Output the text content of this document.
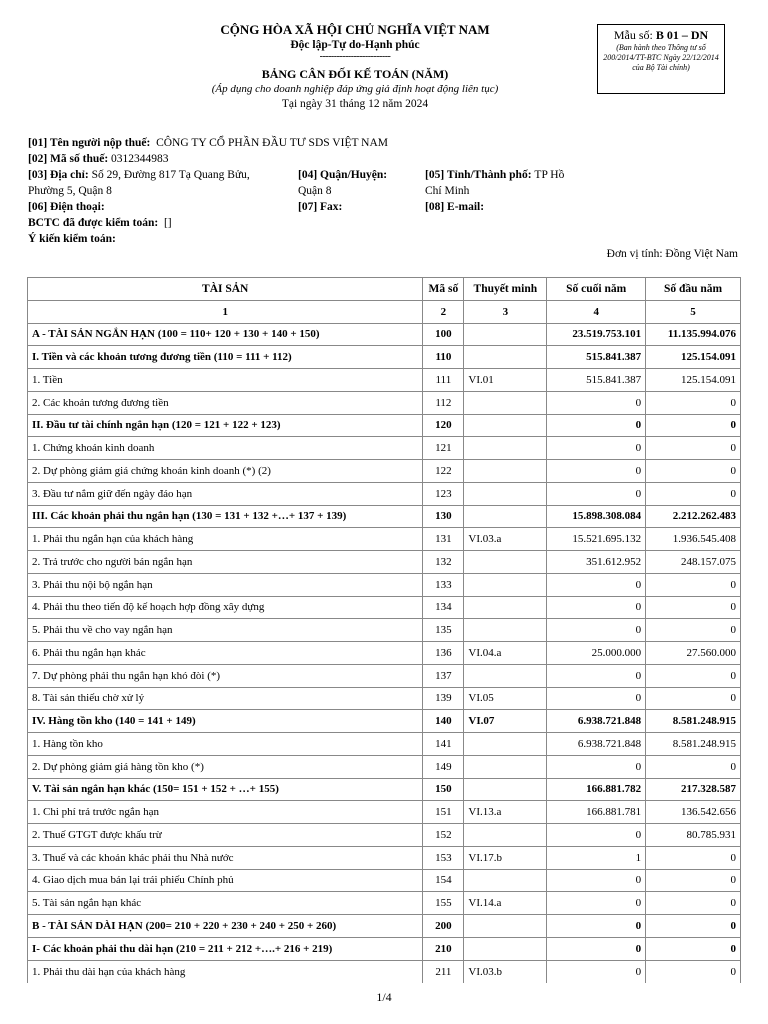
CỘNG HÒA XÃ HỘI CHỦ NGHĨA VIỆT NAM
Độc lập-Tự do-Hạnh phúc
-------------------------
BẢNG CÂN ĐỐI KẾ TOÁN (NĂM)
(Áp dụng cho doanh nghiệp đáp ứng giả định hoạt động liên tục)
Tại ngày 31 tháng 12 năm 2024
Mẫu số: B 01 – DN
(Ban hành theo Thông tư số 200/2014/TT-BTC Ngày 22/12/2014 của Bộ Tài chính)
[01] Tên người nộp thuế:
CÔNG TY CỔ PHẦN ĐẦU TƯ SDS VIỆT NAM
[02] Mã số thuế:
0312344983
[03] Địa chỉ: Số 29, Đường 817 Tạ Quang Bửu,
Phường 5, Quận 8
[04] Quận/Huyện:
Quận 8
[05] Tỉnh/Thành phố: TP Hồ
Chí Minh
[06] Điện thoại:	[07] Fax:	[08] E-mail:
BCTC đã được kiểm toán:
[]
Ý kiến kiểm toán:
Đơn vị tính: Đồng Việt Nam
TÀI SẢN	Mã số	Thuyết minh	Số cuối năm	Số đầu năm
1	2	3	4	5
A - TÀI SẢN NGẮN HẠN (100 = 110+ 120 + 130 + 140 + 150)	100		23.519.753.101	11.135.994.076
I. Tiền và các khoản tương đương tiền (110 = 111 + 112)	110		515.841.387	125.154.091
1. Tiền	111	VI.01	515.841.387	125.154.091
2. Các khoản tương đương tiền	112		0	0
II. Đầu tư tài chính ngắn hạn (120 = 121 + 122 + 123)	120		0	0
1. Chứng khoán kinh doanh	121		0	0
2. Dự phòng giảm giá chứng khoán kinh doanh (*) (2)	122		0	0
3. Đầu tư nắm giữ đến ngày đáo hạn	123		0	0
III. Các khoản phải thu ngắn hạn (130 = 131 + 132 +…+ 137 + 139)	130		15.898.308.084	2.212.262.483
1. Phải thu ngắn hạn của khách hàng	131	VI.03.a	15.521.695.132	1.936.545.408
2. Trả trước cho người bán ngắn hạn	132		351.612.952	248.157.075
3. Phải thu nội bộ ngắn hạn	133		0	0
4. Phải thu theo tiến độ kế hoạch hợp đồng xây dựng	134		0	0
5. Phải thu về cho vay ngắn hạn	135		0	0
6. Phải thu ngắn hạn khác	136	VI.04.a	25.000.000	27.560.000
7. Dự phòng phải thu ngắn hạn khó đòi (*)	137		0	0
8. Tài sản thiếu chờ xử lý	139	VI.05	0	0
IV. Hàng tồn kho (140 = 141 + 149)	140	VI.07	6.938.721.848	8.581.248.915
1. Hàng tồn kho	141		6.938.721.848	8.581.248.915
2. Dự phòng giảm giá hàng tồn kho (*)	149		0	0
V. Tài sản ngắn hạn khác (150= 151 + 152 + …+ 155)	150		166.881.782	217.328.587
1. Chi phí trả trước ngắn hạn	151	VI.13.a	166.881.781	136.542.656
2. Thuế GTGT được khấu trừ	152		0	80.785.931
3. Thuế và các khoản khác phải thu Nhà nước	153	VI.17.b	1	0
4. Giao dịch mua bán lại trái phiếu Chính phủ	154		0	0
5. Tài sản ngắn hạn khác	155	VI.14.a	0	0
B - TÀI SẢN DÀI HẠN (200= 210 + 220 + 230 + 240 + 250 + 260)	200		0	0
I- Các khoản phải thu dài hạn (210 = 211 + 212 +….+ 216 + 219)	210		0	0
1. Phải thu dài hạn của khách hàng	211	VI.03.b	0	0
1/4
